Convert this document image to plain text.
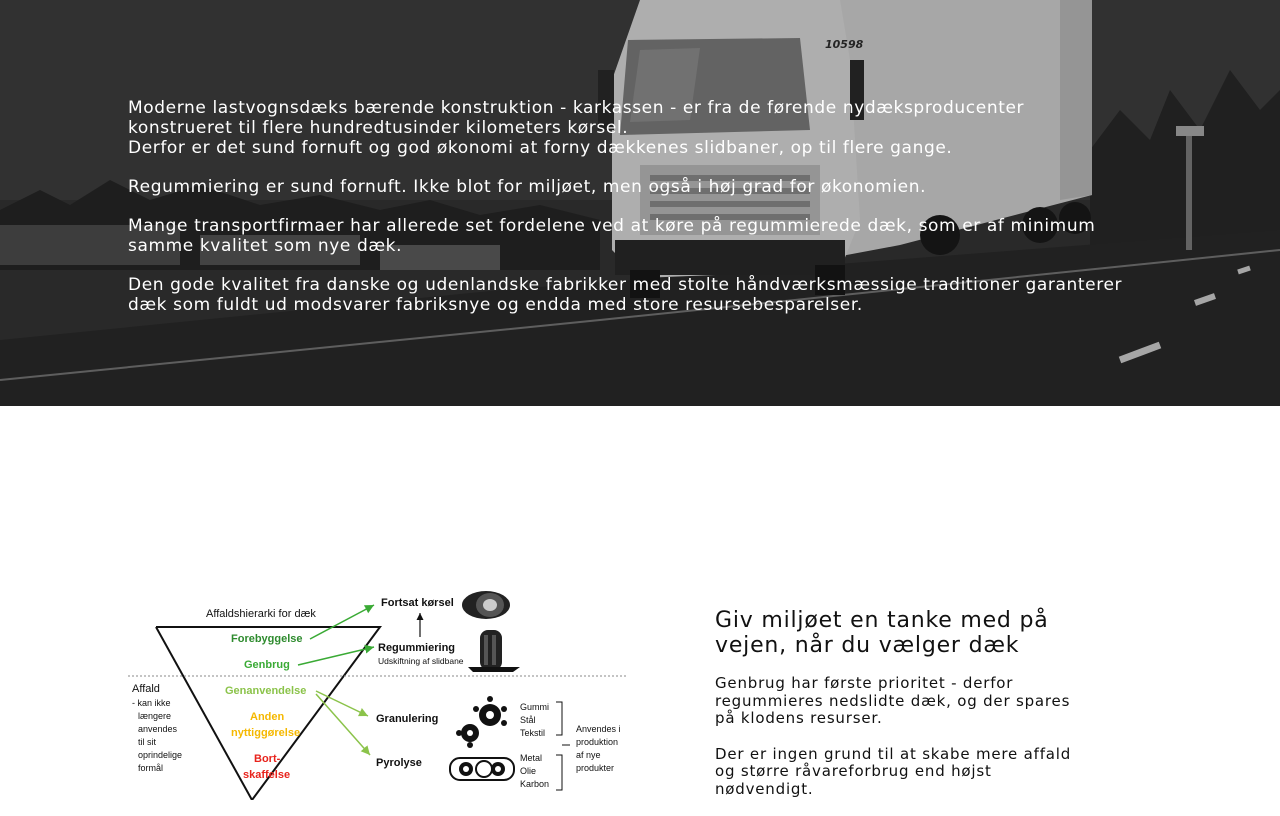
10598

Moderne lastvognsdæks bærende konstruktion - karkassen - er fra de førende nydæksproducenter konstrueret til flere hundredtusinder kilometers kørsel.

Derfor er det sund fornuft og god økonomi at forny dækkenes slidbaner, op til flere gange.

Regummiering er sund fornuft. Ikke blot for miljøet, men også i høj grad for økonomien.

Mange transportfirmaer har allerede set fordelene ved at køre på regummierede dæk, som er af minimum samme kvalitet som nye dæk.

Den gode kvalitet fra danske og udenlandske fabrikker med stolte håndværksmæssige traditioner garanterer dæk som fuldt ud modsvarer fabriksnye og endda med store resursebesparelser.

Affaldshierarki for dæk
Forebyggelse
Genbrug
Genanvendelse
Anden
nyttiggørelse
Bort-
skaffelse
Affald
- kan ikke
længere
anvendes
til sit
oprindelige
formål
Fortsat kørsel
Regummiering
Udskiftning af slidbane
Granulering
Pyrolyse
Gummi
Stål
Tekstil
Metal
Olie
Karbon
Anvendes i
produktion
af nye
produkter
Giv miljøet en tanke med på vejen, når du vælger dæk

Genbrug har første prioritet - derfor regummieres nedslidte dæk, og der spares på klodens resurser.

Der er ingen grund til at skabe mere affald og større råvareforbrug end højst nødvendigt.
